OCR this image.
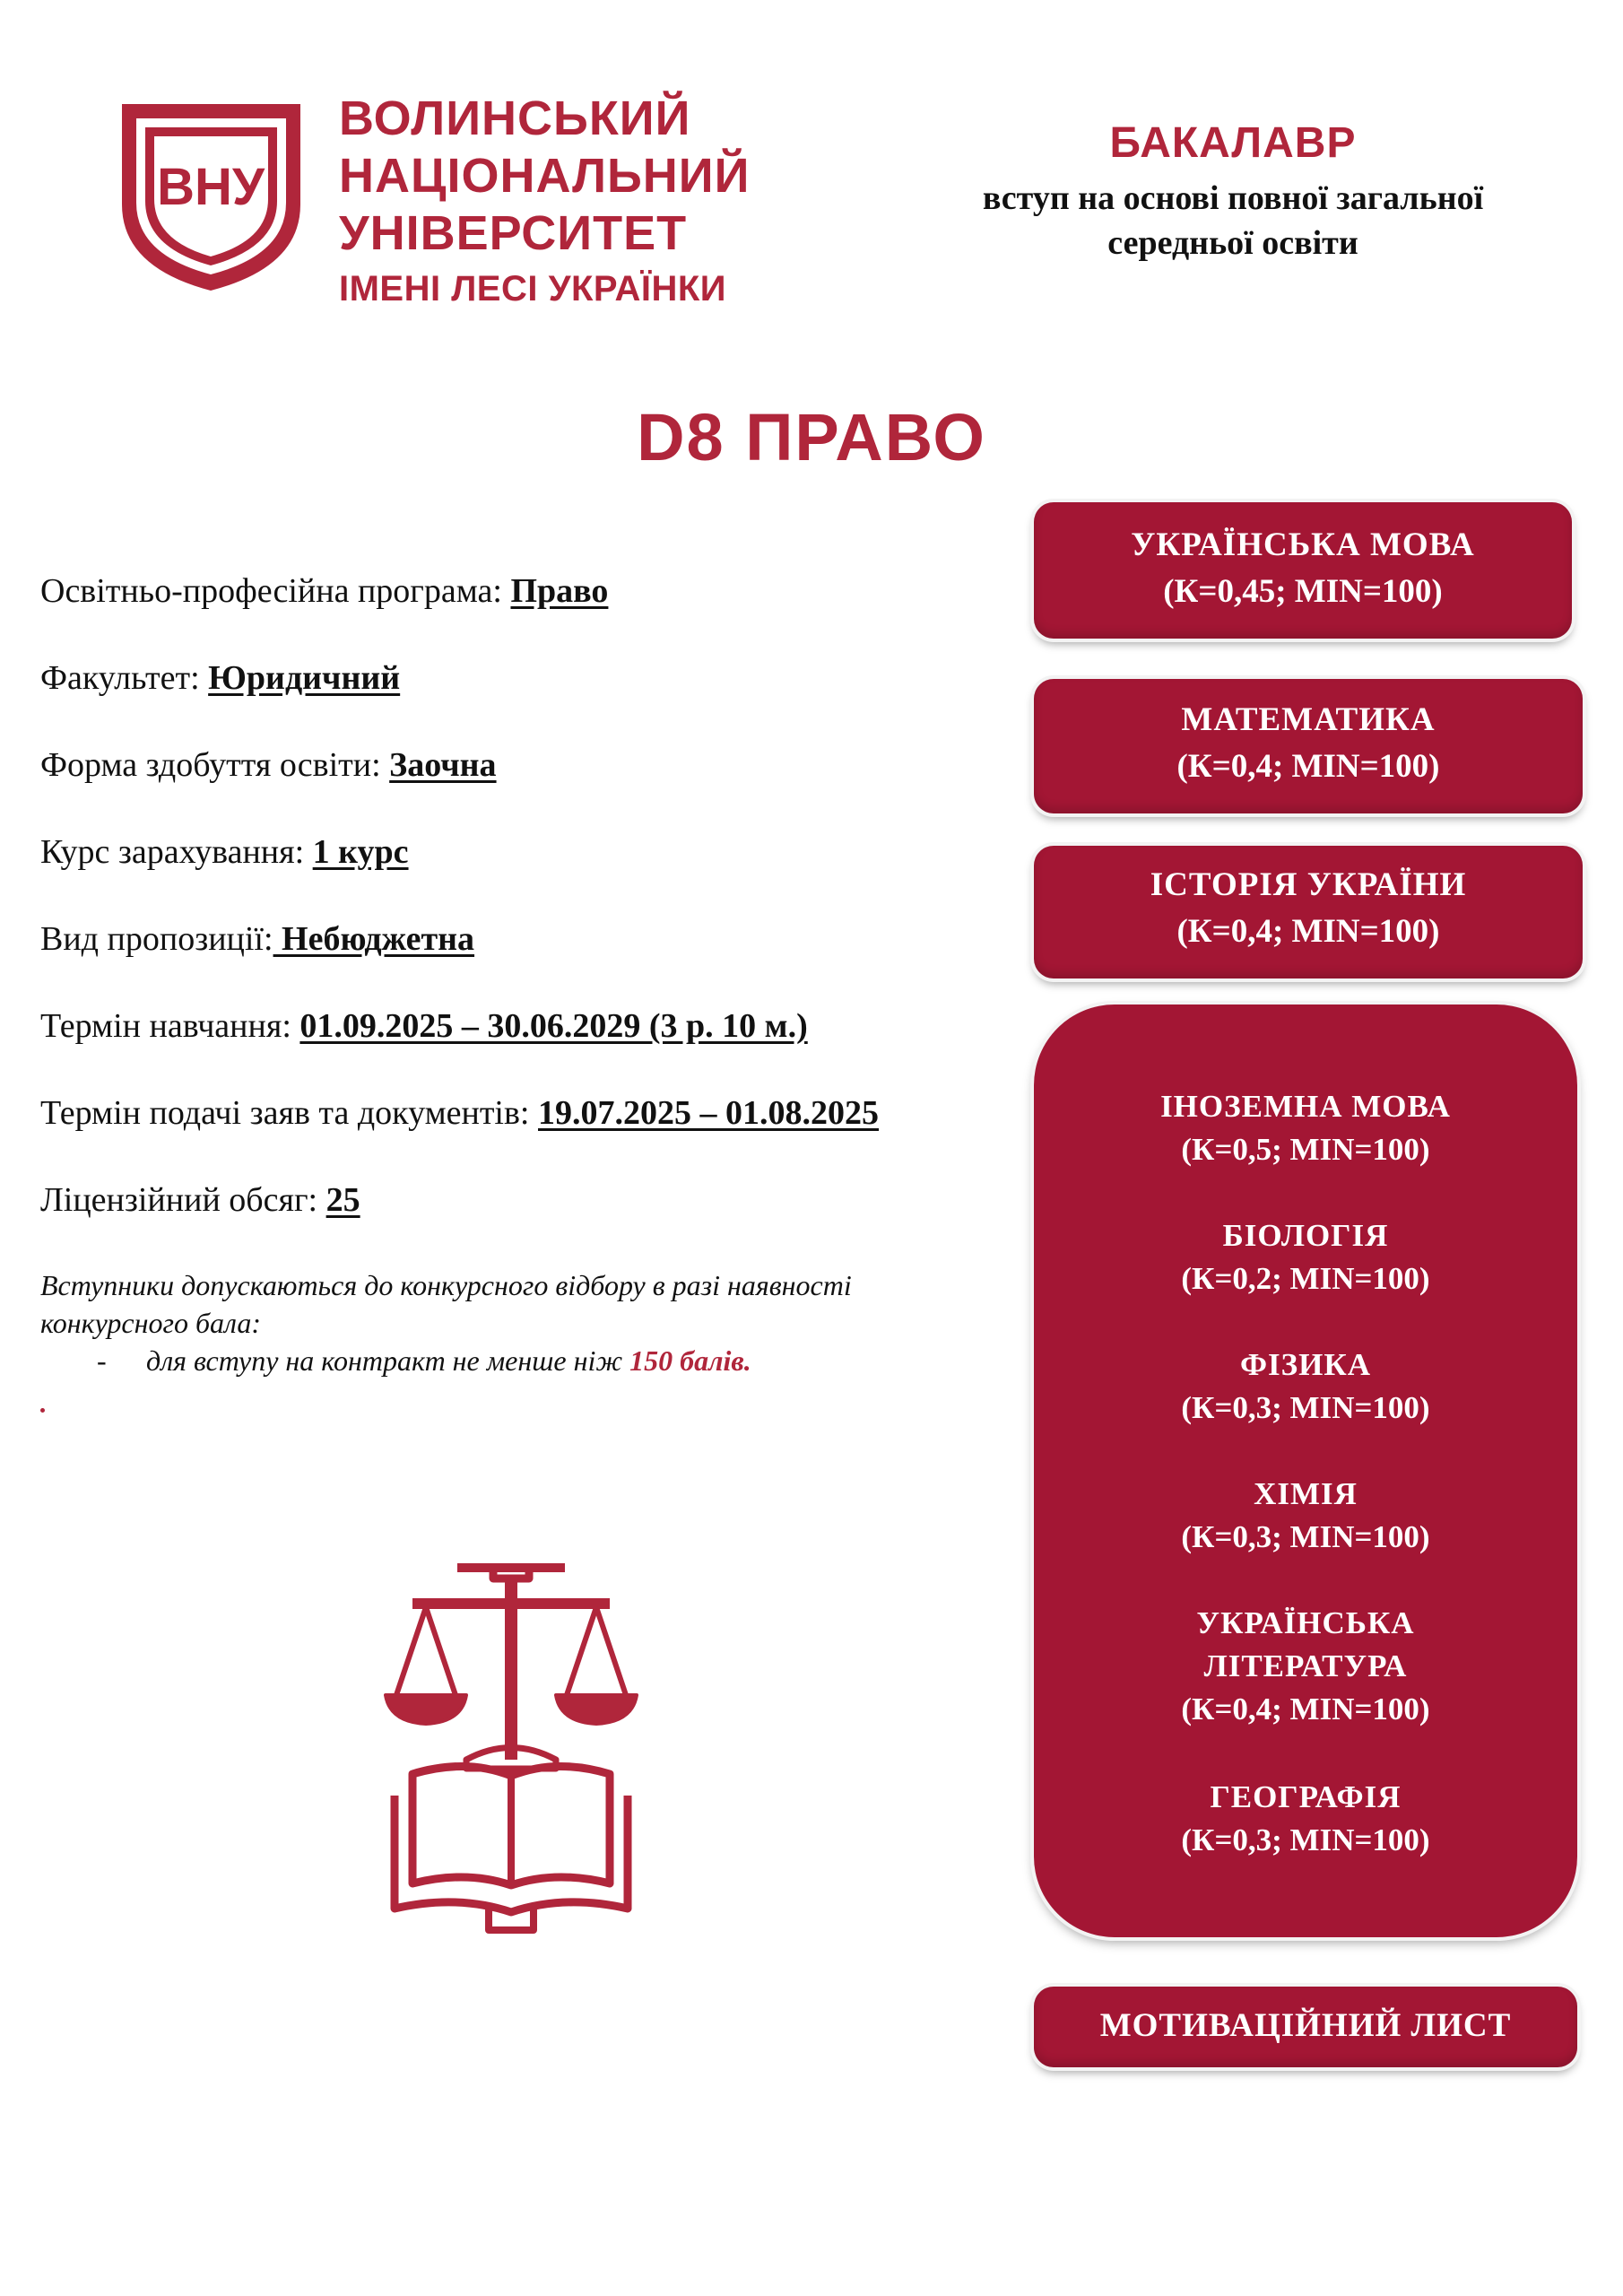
ВНУ
ВОЛИНСЬКИЙ
НАЦІОНАЛЬНИЙ
УНІВЕРСИТЕТ
ІМЕНІ ЛЕСІ УКРАЇНКИ
БАКАЛАВР
вступ на основі повної загальної
середньої освіти
D8 ПРАВО
Освітньо-професійна програма: Право
Факультет: Юридичний
Форма здобуття освіти: Заочна
Курс зарахування: 1 курс
Вид пропозиції: Небюджетна
Термін навчання: 01.09.2025 – 30.06.2029 (3 р. 10 м.)
Термін подачі заяв та документів: 19.07.2025 – 01.08.2025
Ліцензійний обсяг: 25
Вступники допускаються до конкурсного відбору в разі наявності конкурсного бала:
- для вступу на контракт не менше ніж 150 балів.
УКРАЇНСЬКА МОВА
(К=0,45; MIN=100)
МАТЕМАТИКА
(К=0,4; MIN=100)
ІСТОРІЯ УКРАЇНИ
(К=0,4; MIN=100)
ІНОЗЕМНА МОВА
(К=0,5; MIN=100)
БІОЛОГІЯ
(К=0,2; MIN=100)
ФІЗИКА
(К=0,3; MIN=100)
ХІМІЯ
(К=0,3; MIN=100)
УКРАЇНСЬКА
ЛІТЕРАТУРА
(К=0,4; MIN=100)
ГЕОГРАФІЯ
(К=0,3; MIN=100)
МОТИВАЦІЙНИЙ ЛИСТ
